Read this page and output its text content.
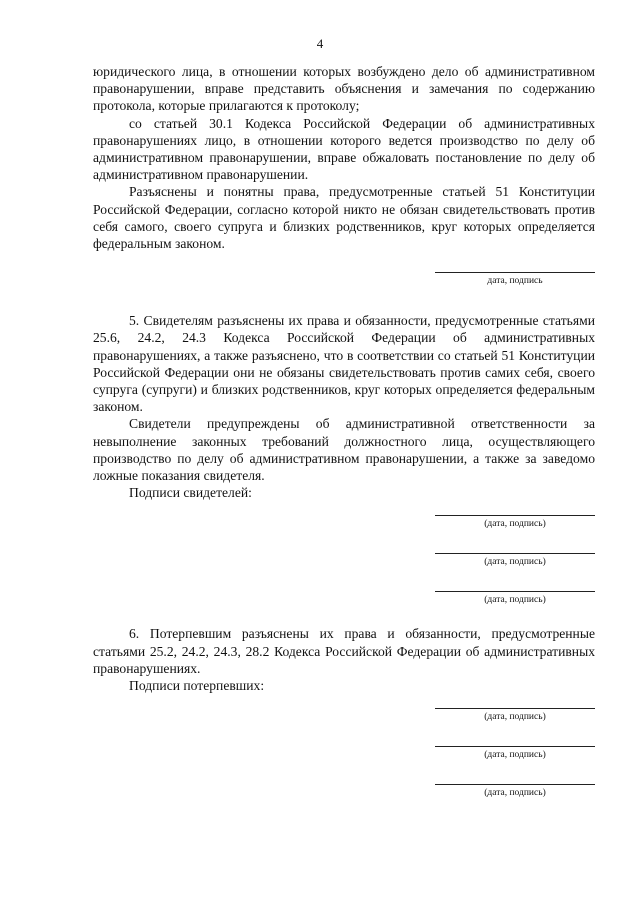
4

юридического лица, в отношении которых возбуждено дело об административном правонарушении, вправе представить объяснения и замечания по содержанию протокола, которые прилагаются к протоколу;

со статьей 30.1 Кодекса Российской Федерации об административных правонарушениях лицо, в отношении которого ведется производство по делу об административном правонарушении, вправе обжаловать постановление по делу об административном правонарушении.

Разъяснены и понятны права, предусмотренные статьей 51 Конституции Российской Федерации, согласно которой никто не обязан свидетельствовать против себя самого, своего супруга и близких родственников, круг которых определяется федеральным законом.

дата, подпись

5. Свидетелям разъяснены их права и обязанности, предусмотренные статьями 25.6, 24.2, 24.3 Кодекса Российской Федерации об административных правонарушениях, а также разъяснено, что в соответствии со статьей 51 Конституции Российской Федерации они не обязаны свидетельствовать против самих себя, своего супруга (супруги) и близких родственников, круг которых определяется федеральным законом.

Свидетели предупреждены об административной ответственности за невыполнение законных требований должностного лица, осуществляющего производство по делу об административном правонарушении, а также за заведомо ложные показания свидетеля.

Подписи свидетелей:

(дата, подпись)
(дата, подпись)
(дата, подпись)

6. Потерпевшим разъяснены их права и обязанности, предусмотренные статьями 25.2, 24.2, 24.3, 28.2 Кодекса Российской Федерации об административных правонарушениях.

Подписи потерпевших:

(дата, подпись)
(дата, подпись)
(дата, подпись)
